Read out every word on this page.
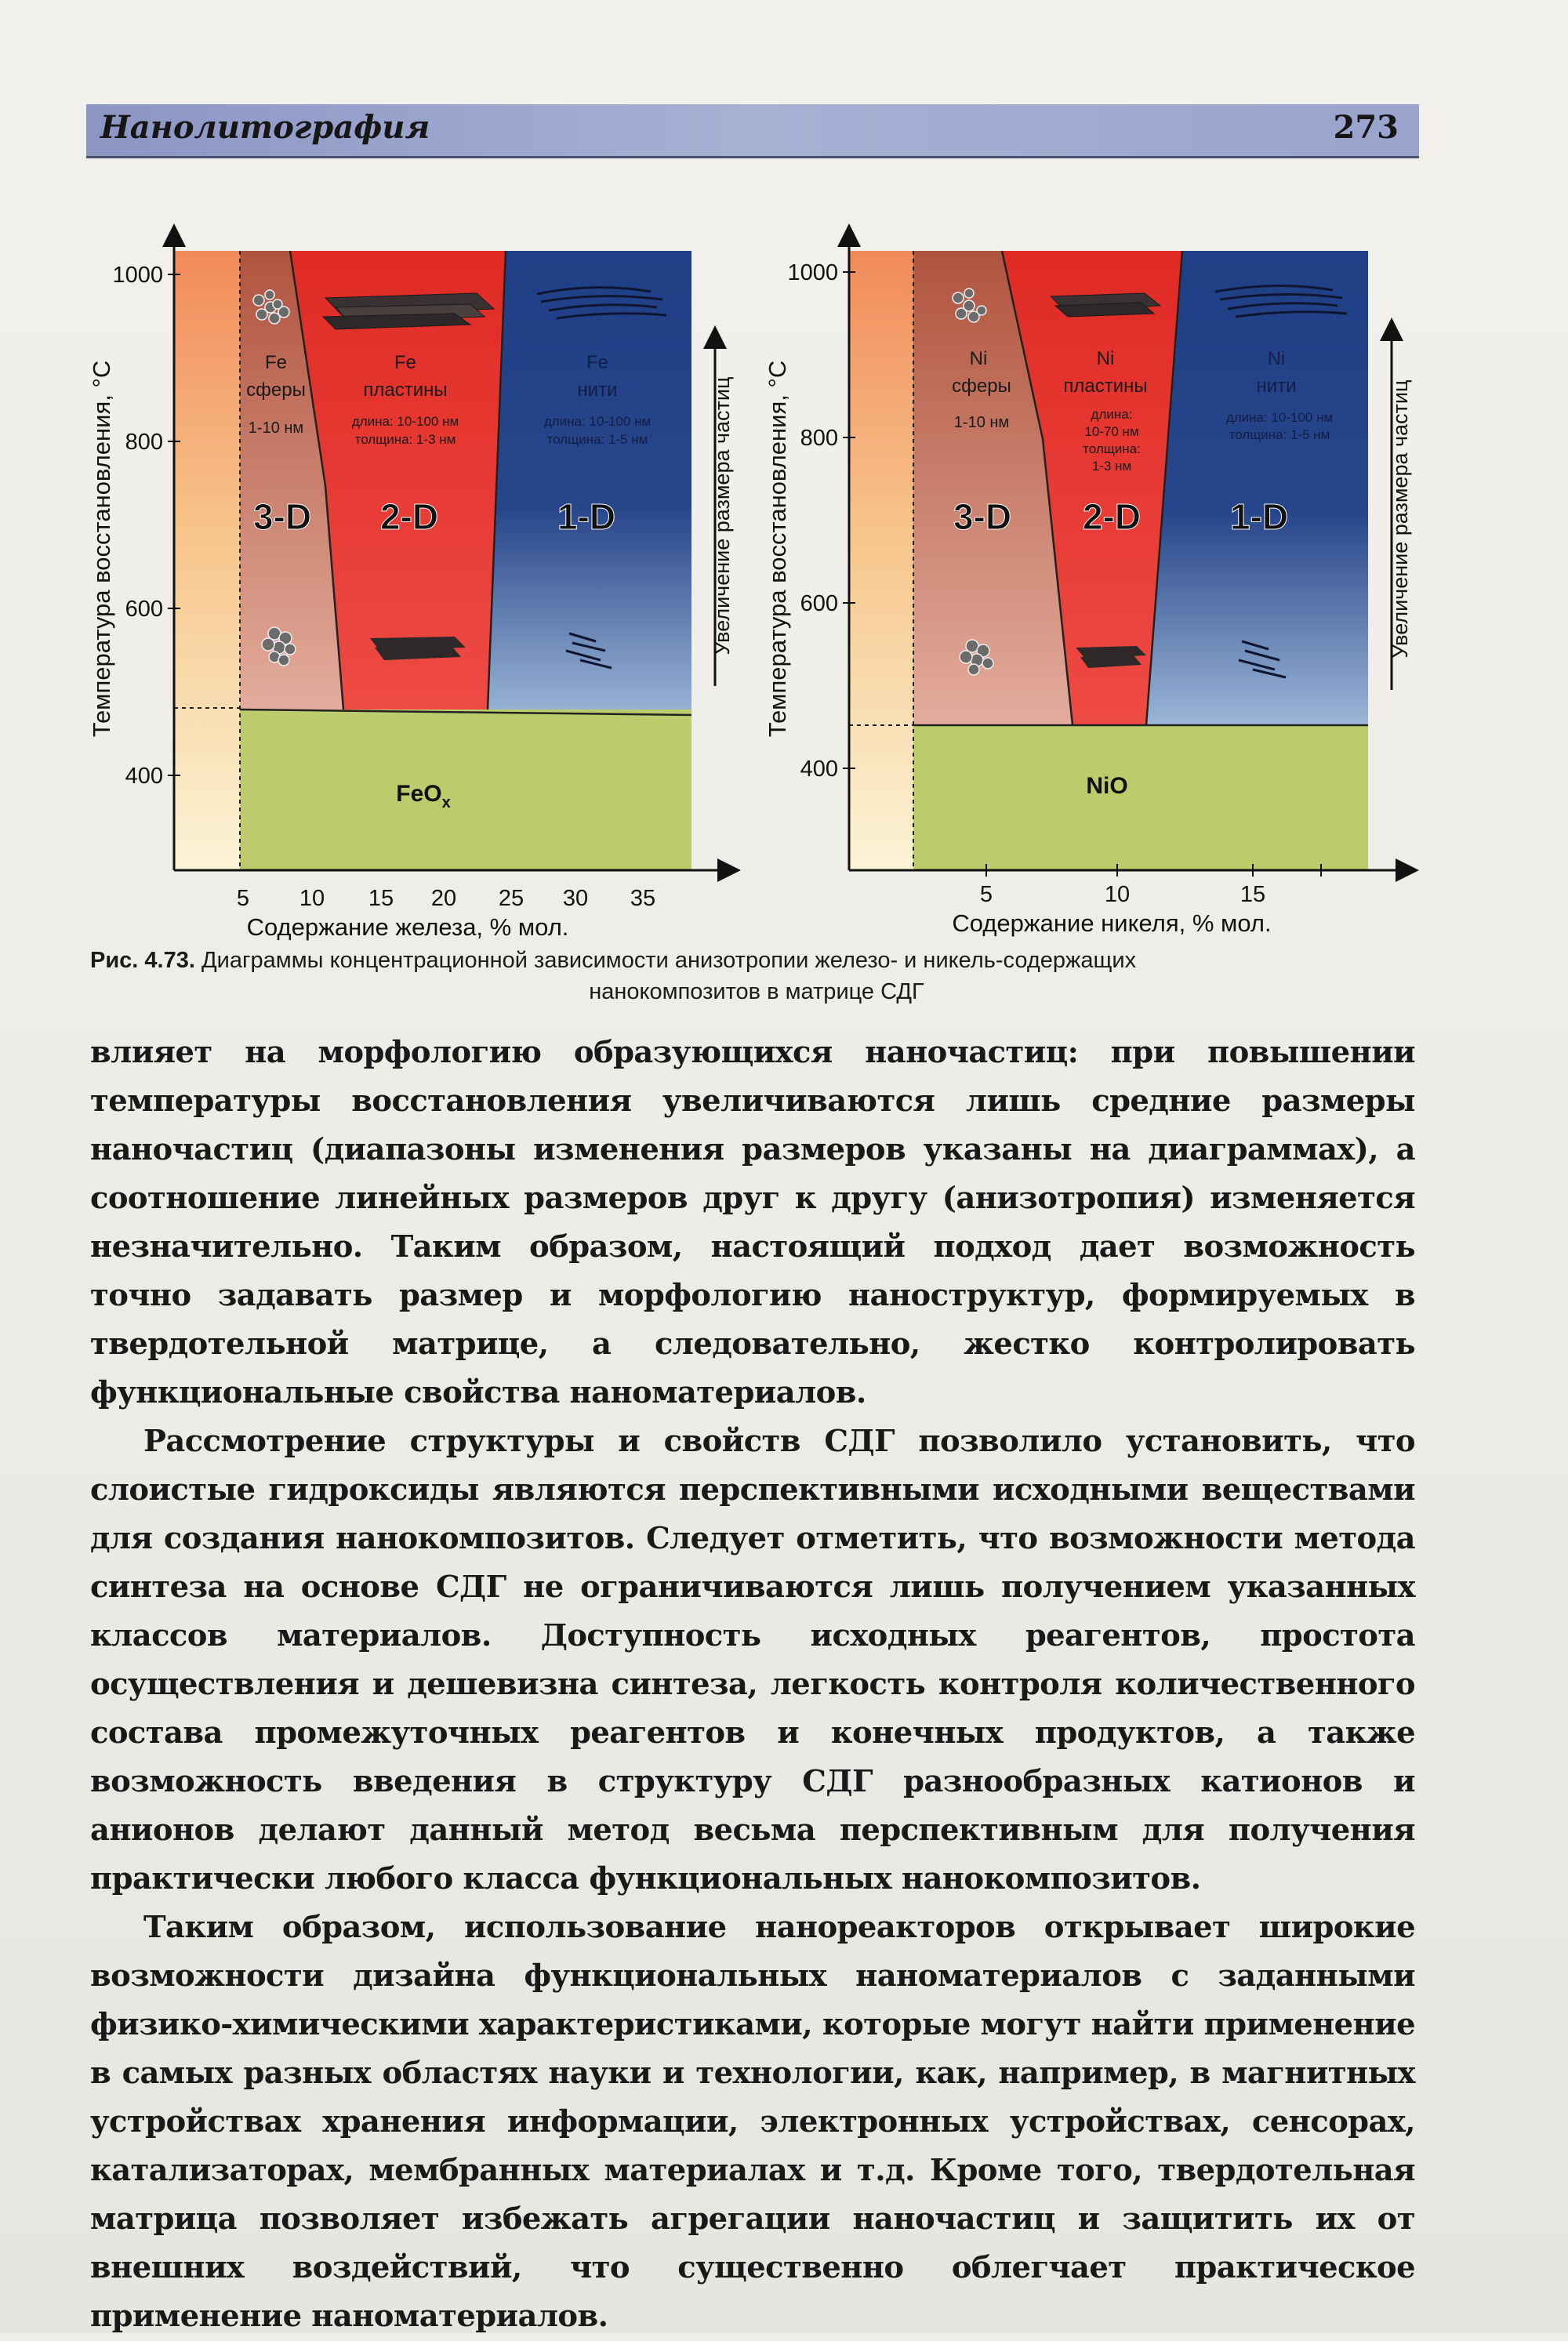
Нанолитография	273
1000
800
600
400
5 10 15 20 25 30 35
Содержание железа, % мол.
Температура восстановления, °С	Fe
сферы
1-10 нм
3-D
Fe
пластины
длина: 10-100 нм
толщина: 1-3 нм
2-D
Fe
нити
длина: 10-100 нм
толщина: 1-5 нм
1-D
FeO$_x$
Увеличение размера частиц
1000
800
600
400
5	10	15
Содержание никеля, % мол.
Температура восстановления, °С
Ni
сферы
1-10 нм
3-D
Ni
пластины
длина:
10-70 нм
толщина:
1-3 нм
2-D
Ni
нити
длина: 10-100 нм
толщина: 1-5 нм
1-D
NiO
Увеличение размера частиц
Рис. 4.73. Диаграммы концентрационной зависимости анизотропии железо- и никель-содержащих
нанокомпозитов в матрице СДГ

влияет на морфологию образующихся наночастиц: при повышении температуры восстановления увеличиваются лишь средние размеры наночастиц (диапазоны изменения размеров указаны на диаграммах), а соотношение линейных размеров друг к другу (анизотропия) изменяется незначительно. Таким образом, настоящий подход дает возможность точно задавать размер и морфологию наноструктур, формируемых в твердотельной матрице, а следовательно, жестко контролировать функциональные свойства наноматериалов.

Рассмотрение структуры и свойств СДГ позволило установить, что слоистые гидроксиды являются перспективными исходными веществами для создания нанокомпозитов. Следует отметить, что возможности метода синтеза на основе СДГ не ограничиваются лишь получением указанных классов материалов. Доступность исходных реагентов, простота осуществления и дешевизна синтеза, легкость контроля количественного состава промежуточных реагентов и конечных продуктов, а также возможность введения в структуру СДГ разнообразных катионов и анионов делают данный метод весьма перспективным для получения практически любого класса функциональных нанокомпозитов.

Таким образом, использование нанореакторов открывает широкие возможности дизайна функциональных наноматериалов с заданными физико-химическими характеристиками, которые могут найти применение в самых разных областях науки и технологии, как, например, в магнитных устройствах хранения информации, электронных устройствах, сенсорах, катализаторах, мембранных материалах и т.д. Кроме того, твердотельная матрица позволяет избежать агрегации наночастиц и защитить их от внешних воздействий, что существенно облегчает практическое применение наноматериалов.
